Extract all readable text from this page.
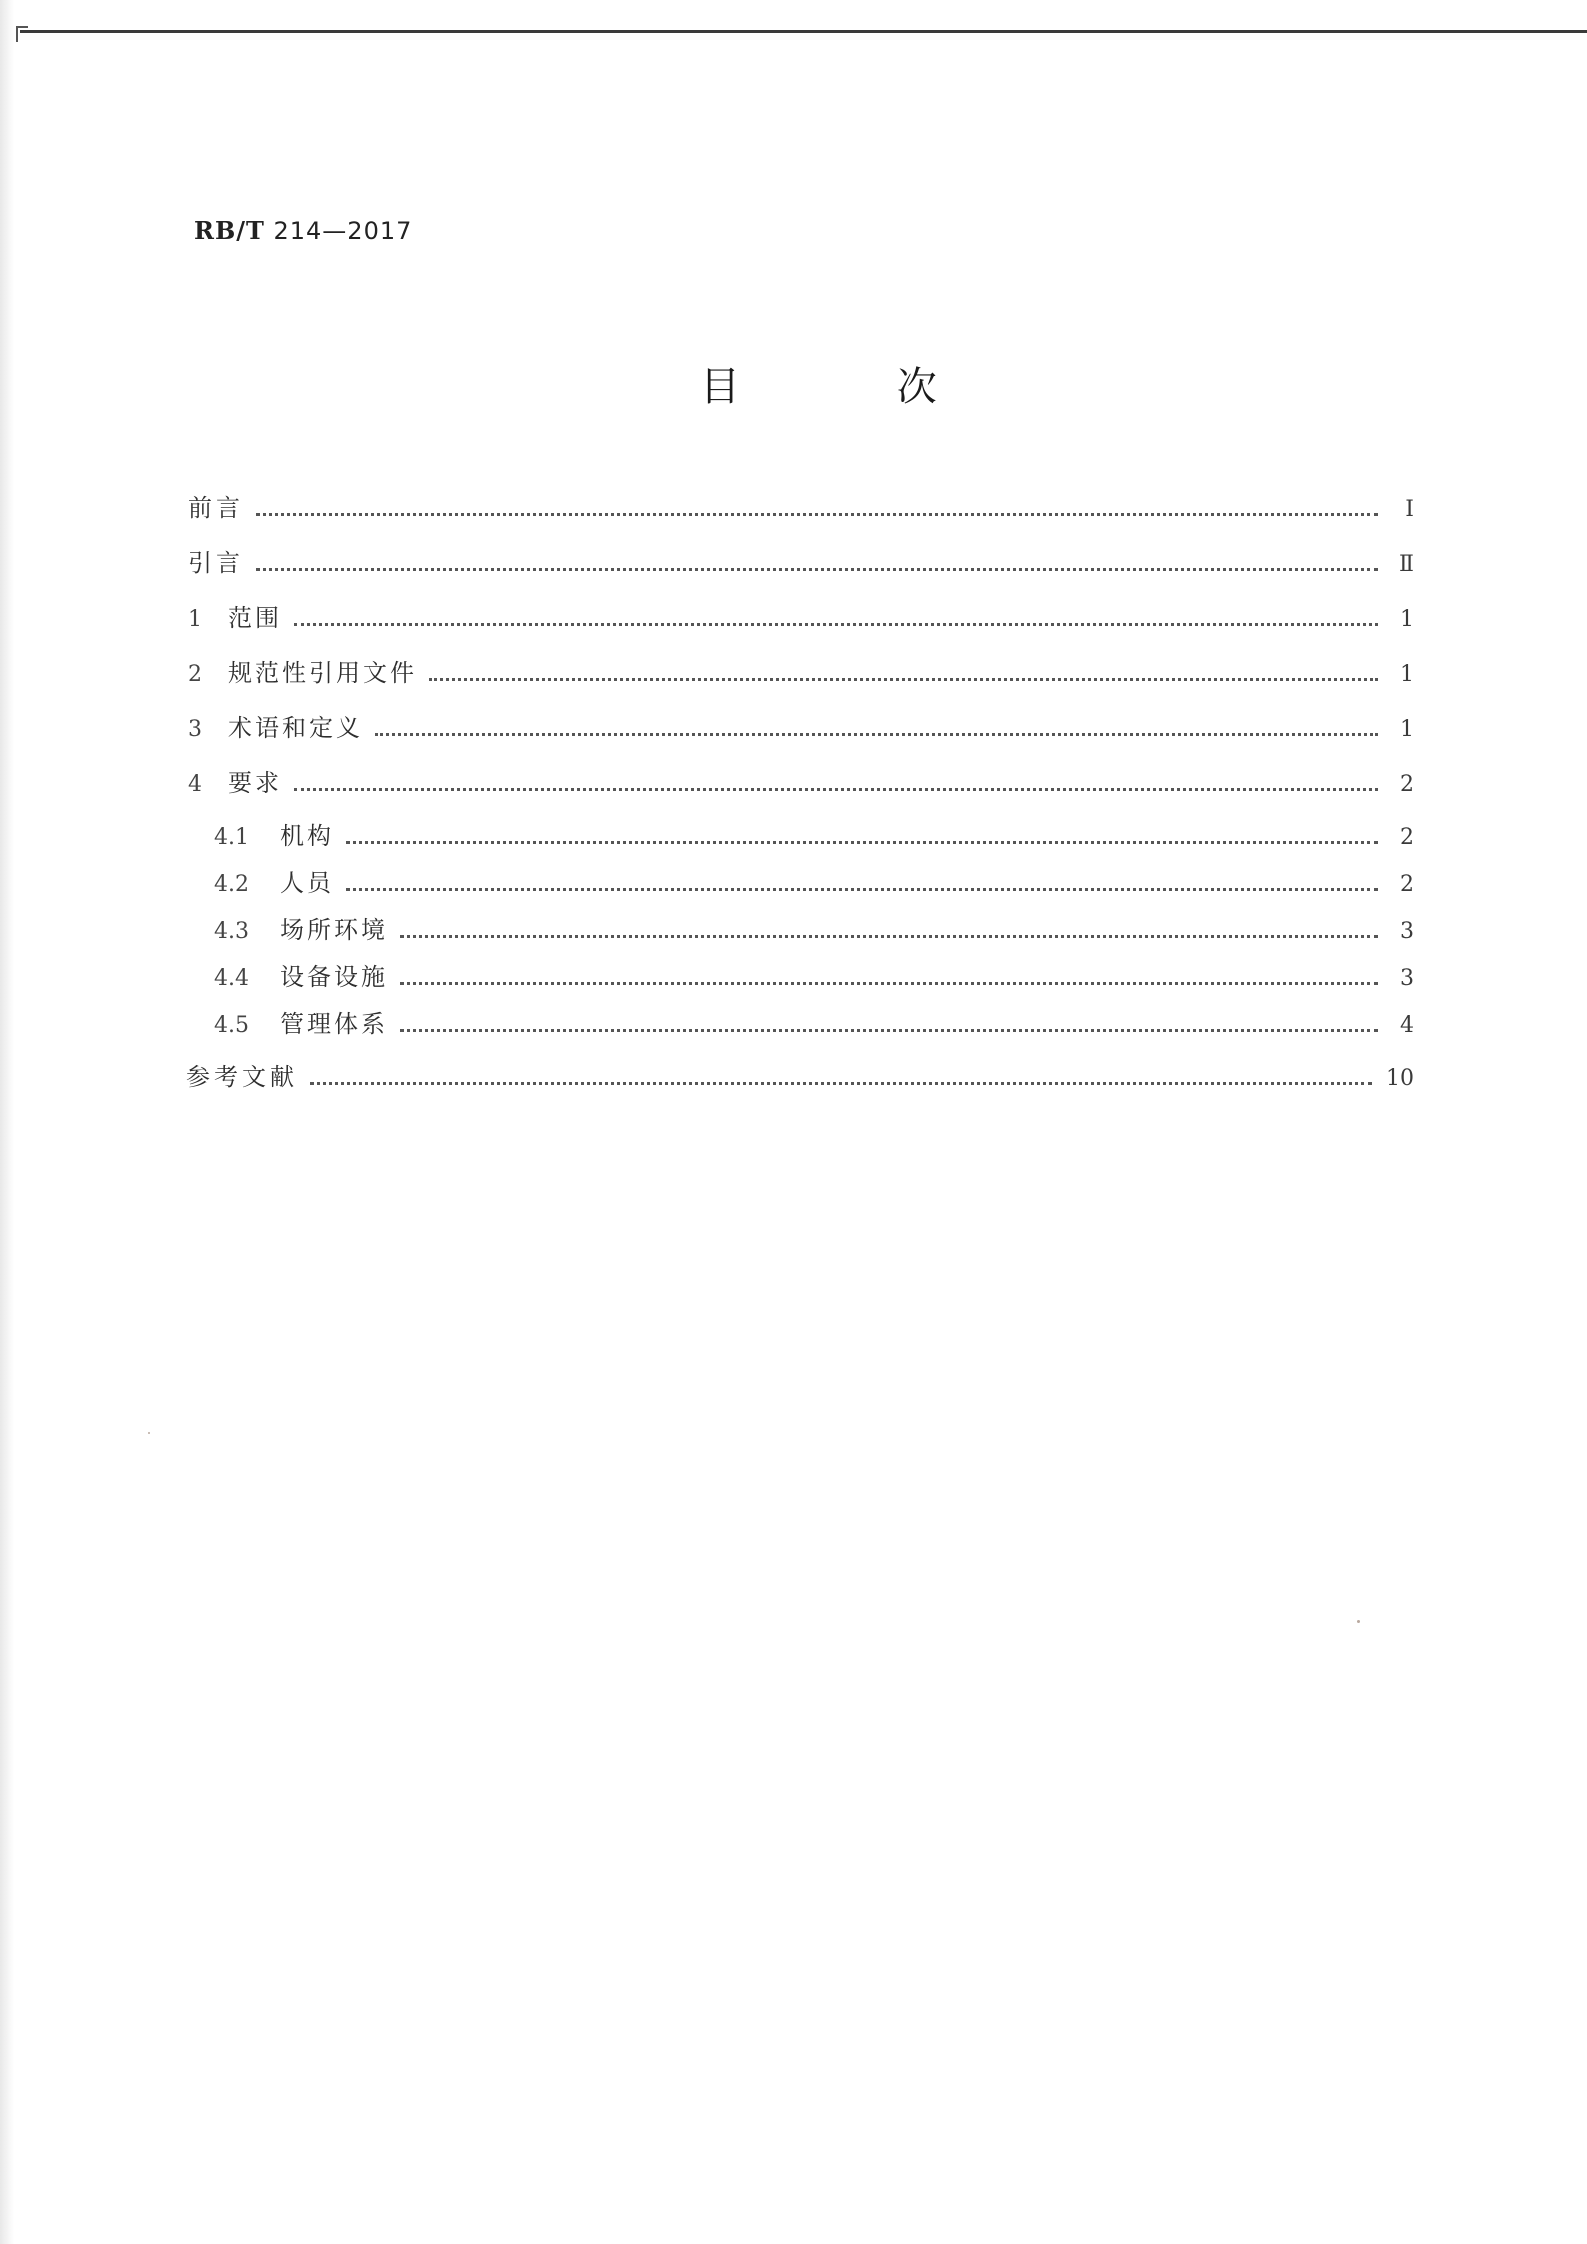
RB/T 214—2017
目 次
前言	Ⅰ
引言	Ⅱ
1	范围	1
2	规范性引用文件	1
3	术语和定义	1
4	要求	2
4.1	机构	2
4.2	人员	2
4.3	场所环境	3
4.4	设备设施	3
4.5	管理体系	4
参考文献	10
